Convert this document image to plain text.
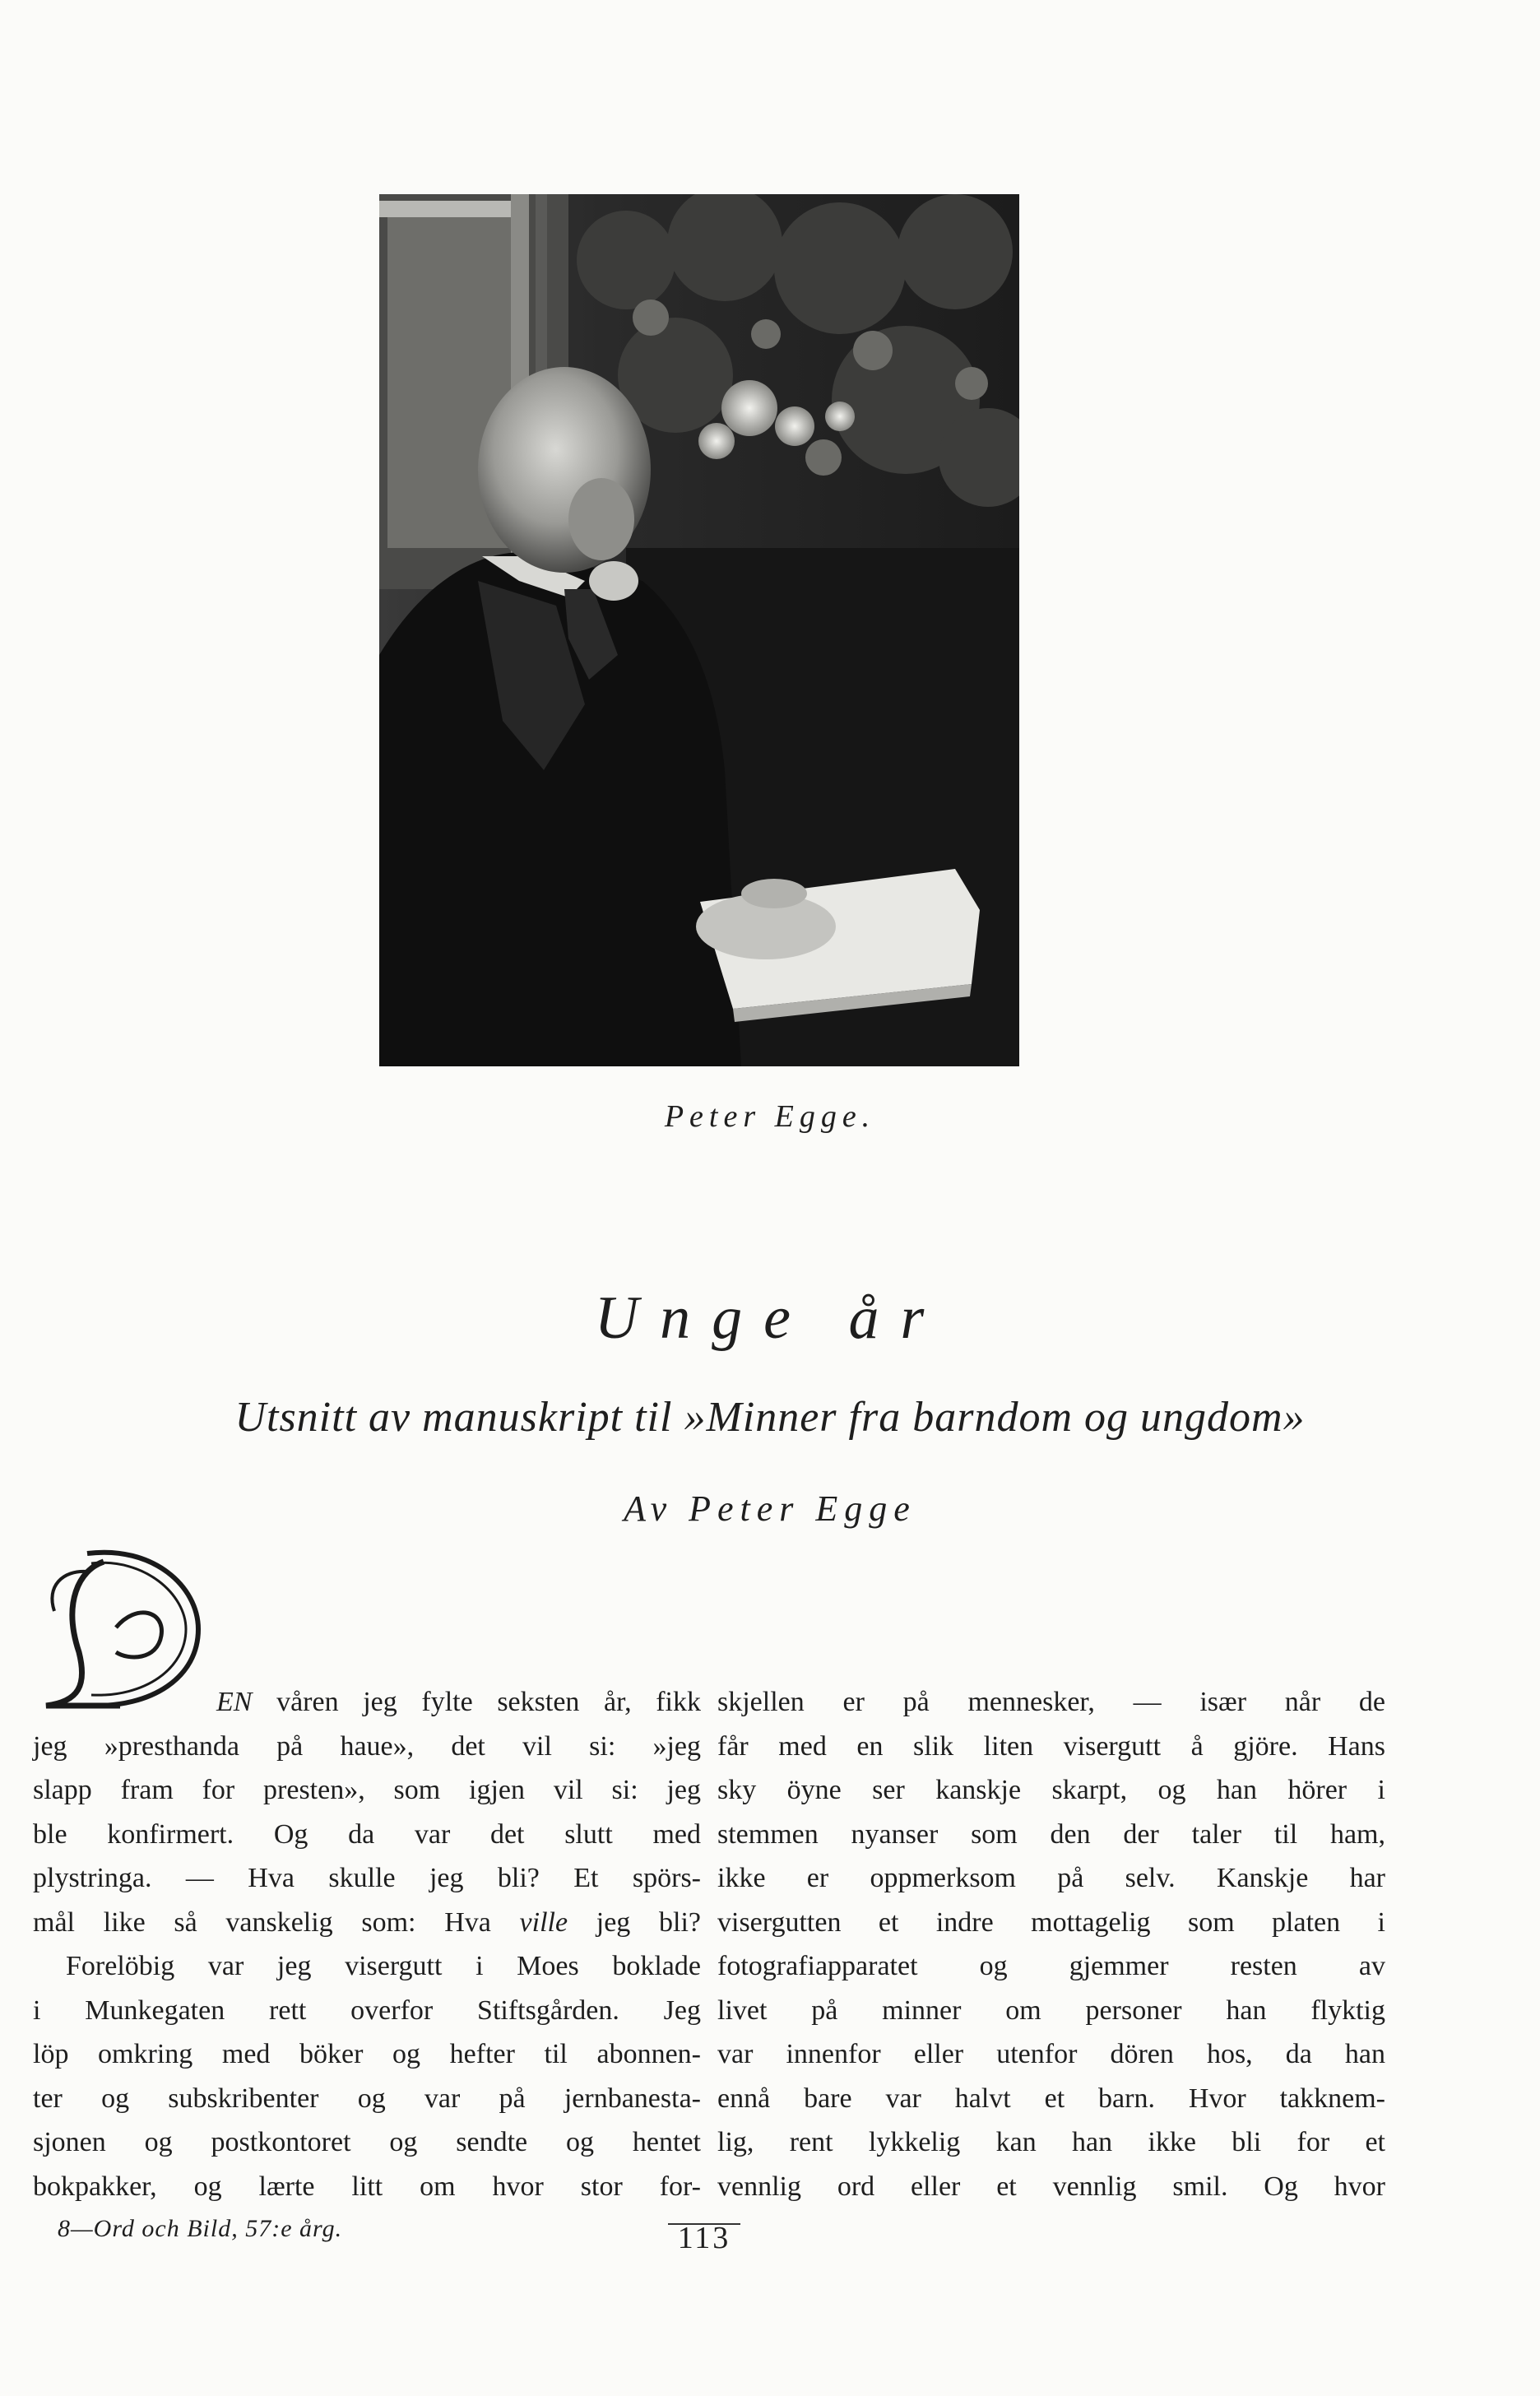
Peter Egge.
Unge år
Utsnitt av manuskript til »Minner fra barndom og ungdom»
Av Peter Egge
D	EN våren jeg fylte seksten år, fikk
jeg »presthanda på haue», det vil si: »jeg
slapp fram for presten», som igjen vil si: jeg
ble konfirmert. Og da var det slutt med
plystringa. — Hva skulle jeg bli? Et spörs-
mål like så vanskelig som: Hva ville jeg bli?
Forelöbig var jeg visergutt i Moes boklade
i Munkegaten rett overfor Stiftsgården. Jeg
löp omkring med böker og hefter til abonnen-
ter og subskribenter og var på jernbanesta-
sjonen og postkontoret og sendte og hentet
bokpakker, og lærte litt om hvor stor for-
skjellen er på mennesker, — især når de
får med en slik liten visergutt å gjöre. Hans
sky öyne ser kanskje skarpt, og han hörer i
stemmen nyanser som den der taler til ham,
ikke er oppmerksom på selv. Kanskje har
visergutten et indre mottagelig som platen i
fotografiapparatet og gjemmer resten av
livet på minner om personer han flyktig
var innenfor eller utenfor dören hos, da han
ennå bare var halvt et barn. Hvor takknem-
lig, rent lykkelig kan han ikke bli for et
vennlig ord eller et vennlig smil. Og hvor
8—Ord och Bild, 57:e årg.	113
